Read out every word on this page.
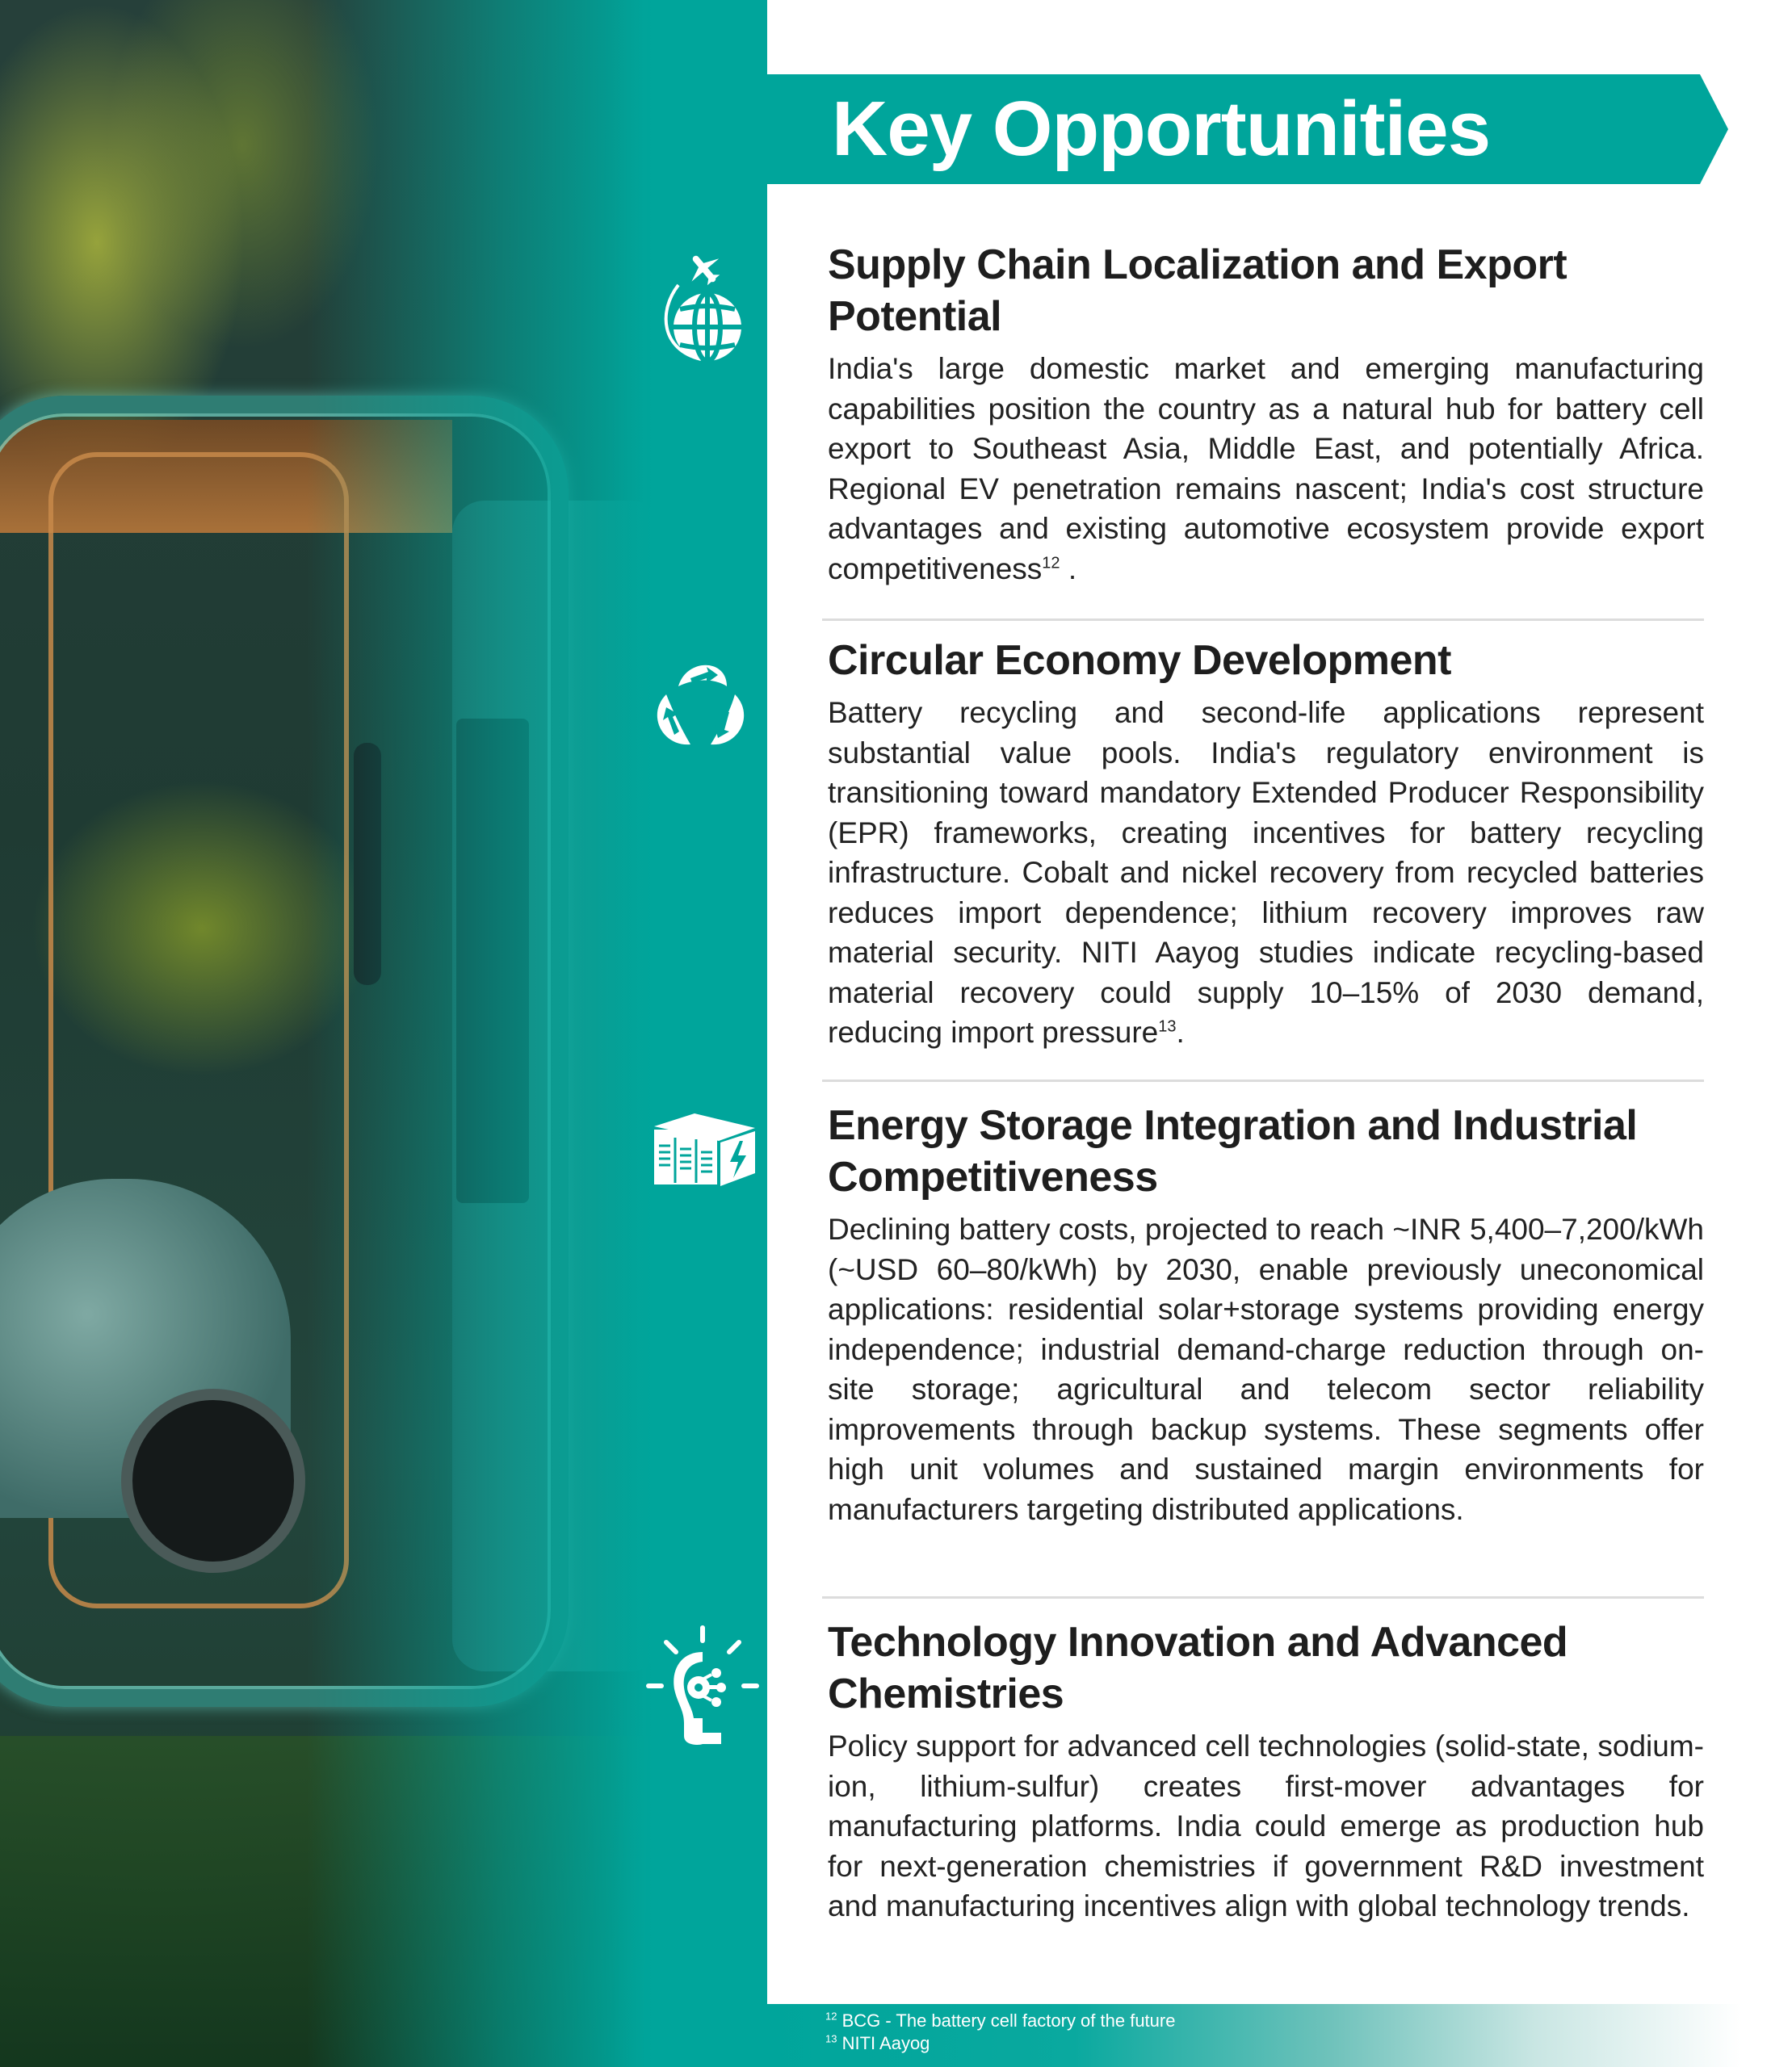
Key Opportunities
Supply Chain Localization and Export Potential

India's large domestic market and emerging manufacturing capabilities position the country as a natural hub for battery cell export to Southeast Asia, Middle East, and potentially Africa. Regional EV penetration remains nascent; India's cost structure advantages and existing automotive ecosystem provide export competitiveness$^{12}$ .

Circular Economy Development

Battery recycling and second-life applications represent substantial value pools. India's regulatory environment is transitioning toward mandatory Extended Producer Responsibility (EPR) frameworks, creating incentives for battery recycling infrastructure. Cobalt and nickel recovery from recycled batteries reduces import dependence; lithium recovery improves raw material security. NITI Aayog studies indicate recycling-based material recovery could supply 10–15% of 2030 demand, reducing import pressure$^{13}$.

Energy Storage Integration and Industrial Competitiveness

Declining battery costs, projected to reach ~INR 5,400–7,200/kWh (~USD 60–80/kWh) by 2030, enable previously uneconomical applications: residential solar+storage systems providing energy independence; industrial demand-charge reduction through on-site storage; agricultural and telecom sector reliability improvements through backup systems. These segments offer high unit volumes and sustained margin environments for manufacturers targeting distributed applications.

Technology Innovation and Advanced Chemistries

Policy support for advanced cell technologies (solid-state, sodium-ion, lithium-sulfur) creates first-mover advantages for manufacturing platforms. India could emerge as production hub for next-generation chemistries if government R&D investment and manufacturing incentives align with global technology trends.

$^{12}$ BCG - The battery cell factory of the future
$^{13}$ NITI Aayog
